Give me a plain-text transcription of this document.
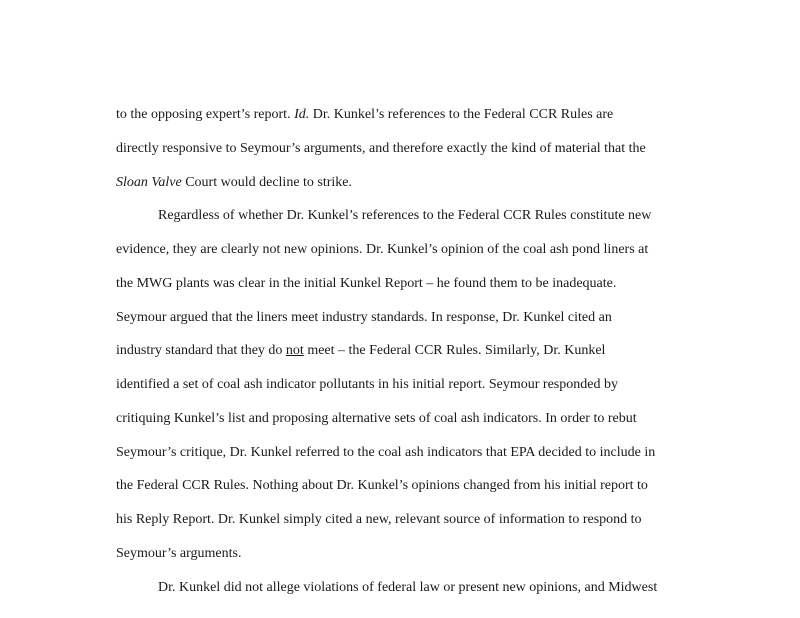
to the opposing expert’s report. Id. Dr. Kunkel’s references to the Federal CCR Rules are
directly responsive to Seymour’s arguments, and therefore exactly the kind of material that the
Sloan Valve Court would decline to strike.
Regardless of whether Dr. Kunkel’s references to the Federal CCR Rules constitute new
evidence, they are clearly not new opinions. Dr. Kunkel’s opinion of the coal ash pond liners at
the MWG plants was clear in the initial Kunkel Report – he found them to be inadequate.
Seymour argued that the liners meet industry standards. In response, Dr. Kunkel cited an
industry standard that they do not meet – the Federal CCR Rules. Similarly, Dr. Kunkel
identified a set of coal ash indicator pollutants in his initial report. Seymour responded by
critiquing Kunkel’s list and proposing alternative sets of coal ash indicators. In order to rebut
Seymour’s critique, Dr. Kunkel referred to the coal ash indicators that EPA decided to include in
the Federal CCR Rules. Nothing about Dr. Kunkel’s opinions changed from his initial report to
his Reply Report. Dr. Kunkel simply cited a new, relevant source of information to respond to
Seymour’s arguments.
Dr. Kunkel did not allege violations of federal law or present new opinions, and Midwest
